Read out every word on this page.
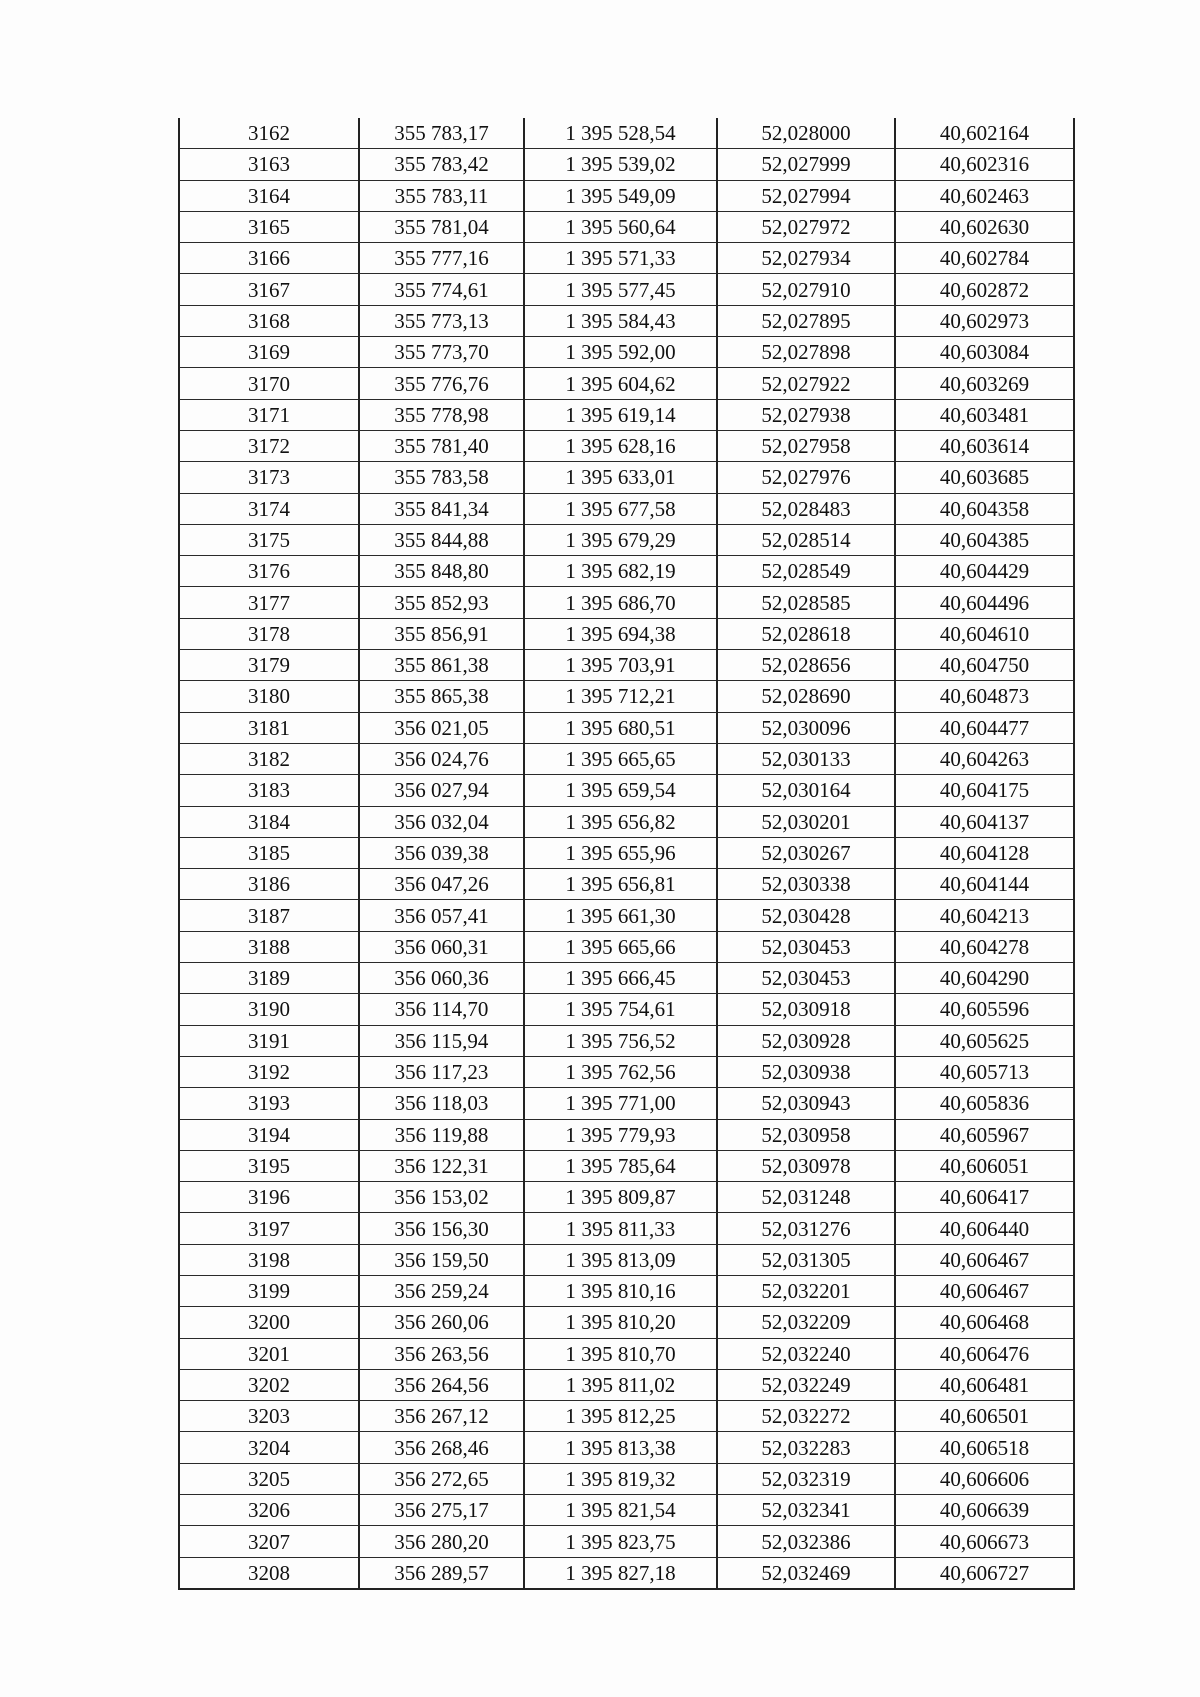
3162	355 783,17	1 395 528,54	52,028000	40,602164
3163	355 783,42	1 395 539,02	52,027999	40,602316
3164	355 783,11	1 395 549,09	52,027994	40,602463
3165	355 781,04	1 395 560,64	52,027972	40,602630
3166	355 777,16	1 395 571,33	52,027934	40,602784
3167	355 774,61	1 395 577,45	52,027910	40,602872
3168	355 773,13	1 395 584,43	52,027895	40,602973
3169	355 773,70	1 395 592,00	52,027898	40,603084
3170	355 776,76	1 395 604,62	52,027922	40,603269
3171	355 778,98	1 395 619,14	52,027938	40,603481
3172	355 781,40	1 395 628,16	52,027958	40,603614
3173	355 783,58	1 395 633,01	52,027976	40,603685
3174	355 841,34	1 395 677,58	52,028483	40,604358
3175	355 844,88	1 395 679,29	52,028514	40,604385
3176	355 848,80	1 395 682,19	52,028549	40,604429
3177	355 852,93	1 395 686,70	52,028585	40,604496
3178	355 856,91	1 395 694,38	52,028618	40,604610
3179	355 861,38	1 395 703,91	52,028656	40,604750
3180	355 865,38	1 395 712,21	52,028690	40,604873
3181	356 021,05	1 395 680,51	52,030096	40,604477
3182	356 024,76	1 395 665,65	52,030133	40,604263
3183	356 027,94	1 395 659,54	52,030164	40,604175
3184	356 032,04	1 395 656,82	52,030201	40,604137
3185	356 039,38	1 395 655,96	52,030267	40,604128
3186	356 047,26	1 395 656,81	52,030338	40,604144
3187	356 057,41	1 395 661,30	52,030428	40,604213
3188	356 060,31	1 395 665,66	52,030453	40,604278
3189	356 060,36	1 395 666,45	52,030453	40,604290
3190	356 114,70	1 395 754,61	52,030918	40,605596
3191	356 115,94	1 395 756,52	52,030928	40,605625
3192	356 117,23	1 395 762,56	52,030938	40,605713
3193	356 118,03	1 395 771,00	52,030943	40,605836
3194	356 119,88	1 395 779,93	52,030958	40,605967
3195	356 122,31	1 395 785,64	52,030978	40,606051
3196	356 153,02	1 395 809,87	52,031248	40,606417
3197	356 156,30	1 395 811,33	52,031276	40,606440
3198	356 159,50	1 395 813,09	52,031305	40,606467
3199	356 259,24	1 395 810,16	52,032201	40,606467
3200	356 260,06	1 395 810,20	52,032209	40,606468
3201	356 263,56	1 395 810,70	52,032240	40,606476
3202	356 264,56	1 395 811,02	52,032249	40,606481
3203	356 267,12	1 395 812,25	52,032272	40,606501
3204	356 268,46	1 395 813,38	52,032283	40,606518
3205	356 272,65	1 395 819,32	52,032319	40,606606
3206	356 275,17	1 395 821,54	52,032341	40,606639
3207	356 280,20	1 395 823,75	52,032386	40,606673
3208	356 289,57	1 395 827,18	52,032469	40,606727
